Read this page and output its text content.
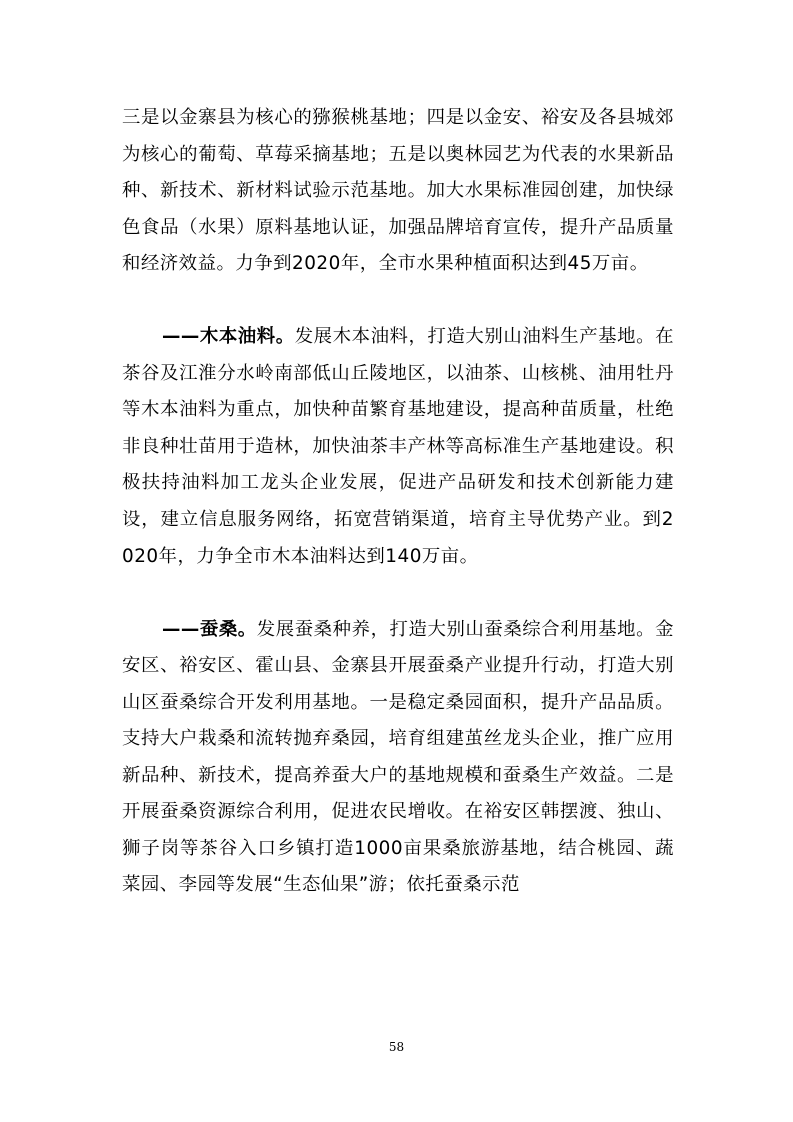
三是以金寨县为核心的猕猴桃基地；四是以金安、裕安及各县城郊为核心的葡萄、草莓采摘基地；五是以奥林园艺为代表的水果新品种、新技术、新材料试验示范基地。加大水果标准园创建，加快绿色食品（水果）原料基地认证，加强品牌培育宣传，提升产品质量和经济效益。力争到2020年，全市水果种植面积达到45万亩。

——木本油料。发展木本油料，打造大别山油料生产基地。在茶谷及江淮分水岭南部低山丘陵地区，以油茶、山核桃、油用牡丹等木本油料为重点，加快种苗繁育基地建设，提高种苗质量，杜绝非良种壮苗用于造林，加快油茶丰产林等高标准生产基地建设。积极扶持油料加工龙头企业发展，促进产品研发和技术创新能力建设，建立信息服务网络，拓宽营销渠道，培育主导优势产业。到2020年，力争全市木本油料达到140万亩。

——蚕桑。发展蚕桑种养，打造大别山蚕桑综合利用基地。金安区、裕安区、霍山县、金寨县开展蚕桑产业提升行动，打造大别山区蚕桑综合开发利用基地。一是稳定桑园面积，提升产品品质。支持大户栽桑和流转抛弃桑园，培育组建茧丝龙头企业，推广应用新品种、新技术，提高养蚕大户的基地规模和蚕桑生产效益。二是开展蚕桑资源综合利用，促进农民增收。在裕安区韩摆渡、独山、狮子岗等茶谷入口乡镇打造1000亩果桑旅游基地，结合桃园、蔬菜园、李园等发展“生态仙果”游；依托蚕桑示范

58
